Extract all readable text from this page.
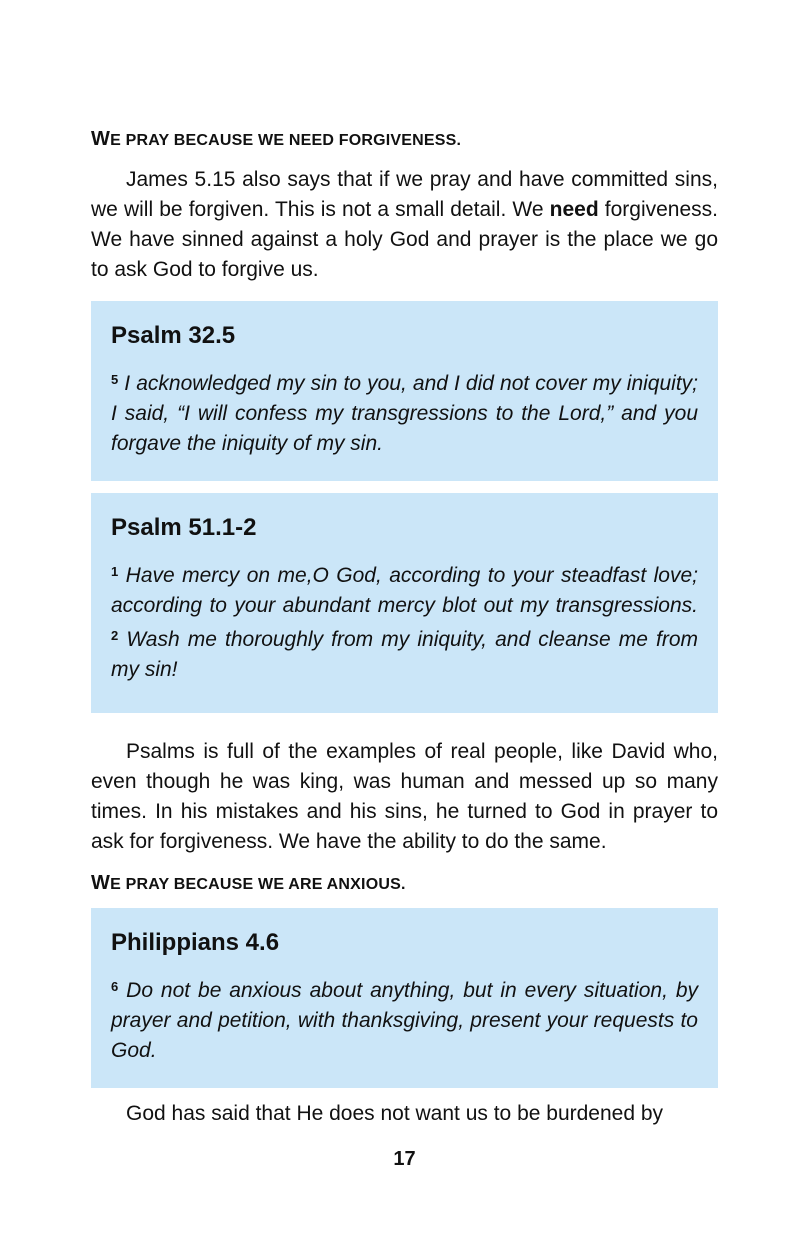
WE PRAY BECAUSE WE NEED FORGIVENESS.

James 5.15 also says that if we pray and have committed sins, we will be forgiven. This is not a small detail. We need forgiveness. We have sinned against a holy God and prayer is the place we go to ask God to forgive us.

Psalm 32.5

$^5$ I acknowledged my sin to you, and I did not cover my iniquity; I said, “I will confess my transgressions to the Lord,” and you forgave the iniquity of my sin.

Psalm 51.1-2

$^1$ Have mercy on me,O God, according to your steadfast love; according to your abundant mercy blot out my transgressions. $^2$ Wash me thoroughly from my iniquity, and cleanse me from my sin!

Psalms is full of the examples of real people, like David who, even though he was king, was human and messed up so many times. In his mistakes and his sins, he turned to God in prayer to ask for forgiveness. We have the ability to do the same.

WE PRAY BECAUSE WE ARE ANXIOUS.
Philippians 4.6

$^6$ Do not be anxious about anything, but in every situation, by prayer and petition, with thanksgiving, present your requests to God.

God has said that He does not want us to be burdened by

17
